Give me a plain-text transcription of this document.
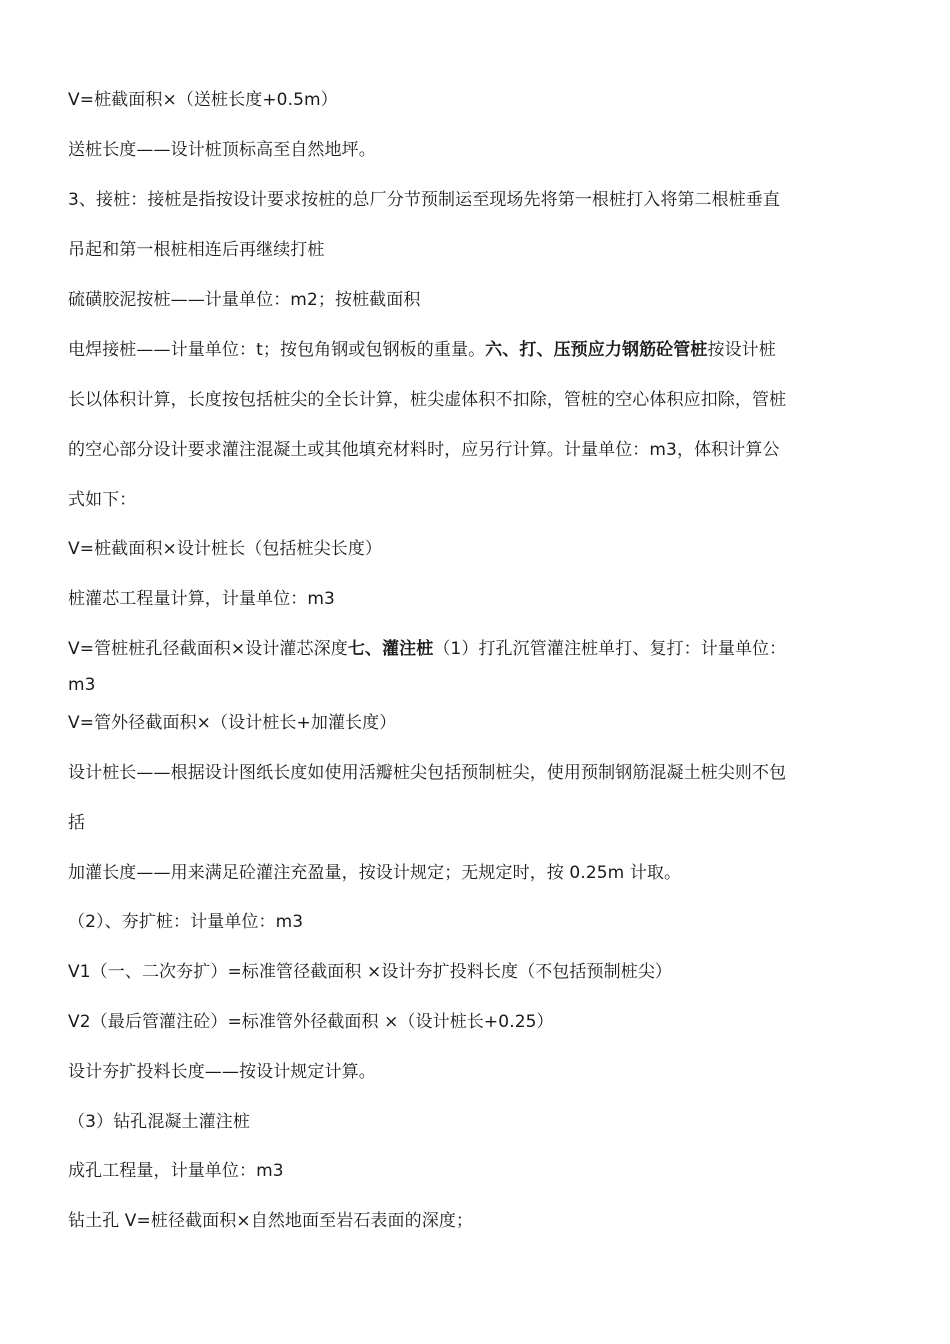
V=桩截面积×（送桩长度+0.5m）
送桩长度——设计桩顶标高至自然地坪。
3、接桩：接桩是指按设计要求按桩的总厂分节预制运至现场先将第一根桩打入将第二根桩垂直
吊起和第一根桩相连后再继续打桩
硫磺胶泥按桩——计量单位：m2；按桩截面积
电焊接桩——计量单位：t；按包角钢或包钢板的重量。六、打、压预应力钢筋砼管桩按设计桩
长以体积计算，长度按包括桩尖的全长计算，桩尖虚体积不扣除，管桩的空心体积应扣除，管桩
的空心部分设计要求灌注混凝土或其他填充材料时，应另行计算。计量单位：m3，体积计算公
式如下：
V=桩截面积×设计桩长（包括桩尖长度）
桩灌芯工程量计算，计量单位：m3
V=管桩桩孔径截面积×设计灌芯深度七、灌注桩（1）打孔沉管灌注桩单打、复打：计量单位：
m3
V=管外径截面积×（设计桩长+加灌长度）
设计桩长——根据设计图纸长度如使用活瓣桩尖包括预制桩尖，使用预制钢筋混凝土桩尖则不包
括
加灌长度——用来满足砼灌注充盈量，按设计规定；无规定时，按 0.25m 计取。
（2）、夯扩桩：计量单位：m3
V1（一、二次夯扩）=标准管径截面积 ×设计夯扩投料长度（不包括预制桩尖）
V2（最后管灌注砼）=标准管外径截面积 ×（设计桩长+0.25）
设计夯扩投料长度——按设计规定计算。
（3）钻孔混凝土灌注桩
成孔工程量，计量单位：m3
钻土孔 V=桩径截面积×自然地面至岩石表面的深度；
